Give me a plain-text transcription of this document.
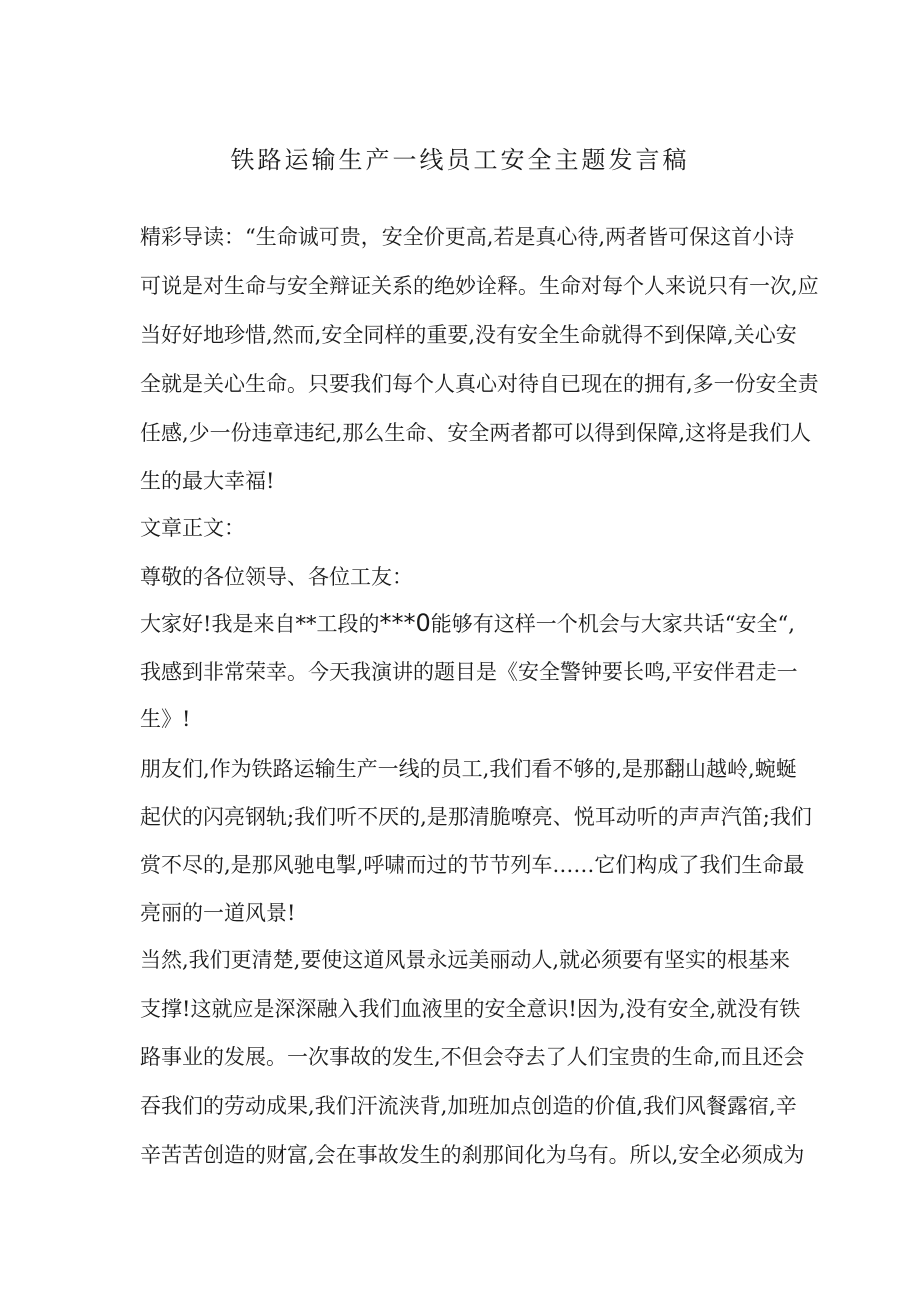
铁路运输生产一线员工安全主题发言稿
精彩导读：“生命诚可贵，安全价更高,若是真心待,两者皆可保这首小诗
可说是对生命与安全辩证关系的绝妙诠释。生命对每个人来说只有一次,应
当好好地珍惜,然而,安全同样的重要,没有安全生命就得不到保障,关心安
全就是关心生命。只要我们每个人真心对待自已现在的拥有,多一份安全责
任感,少一份违章违纪,那么生命、安全两者都可以得到保障,这将是我们人
生的最大幸福!
文章正文：
尊敬的各位领导、各位工友：
大家好!我是来自**工段的***0能够有这样一个机会与大家共话“安全“,
我感到非常荣幸。今天我演讲的题目是《安全警钟要长鸣,平安伴君走一
生》!
朋友们,作为铁路运输生产一线的员工,我们看不够的,是那翻山越岭,蜿蜒
起伏的闪亮钢轨;我们听不厌的,是那清脆嘹亮、悦耳动听的声声汽笛;我们
赏不尽的,是那风驰电掣,呼啸而过的节节列车……它们构成了我们生命最
亮丽的一道风景!
当然,我们更清楚,要使这道风景永远美丽动人,就必须要有坚实的根基来
支撑!这就应是深深融入我们血液里的安全意识!因为,没有安全,就没有铁
路事业的发展。一次事故的发生,不但会夺去了人们宝贵的生命,而且还会
吞我们的劳动成果,我们汗流浃背,加班加点创造的价值,我们风餐露宿,辛
辛苦苦创造的财富,会在事故发生的刹那间化为乌有。所以,安全必须成为
